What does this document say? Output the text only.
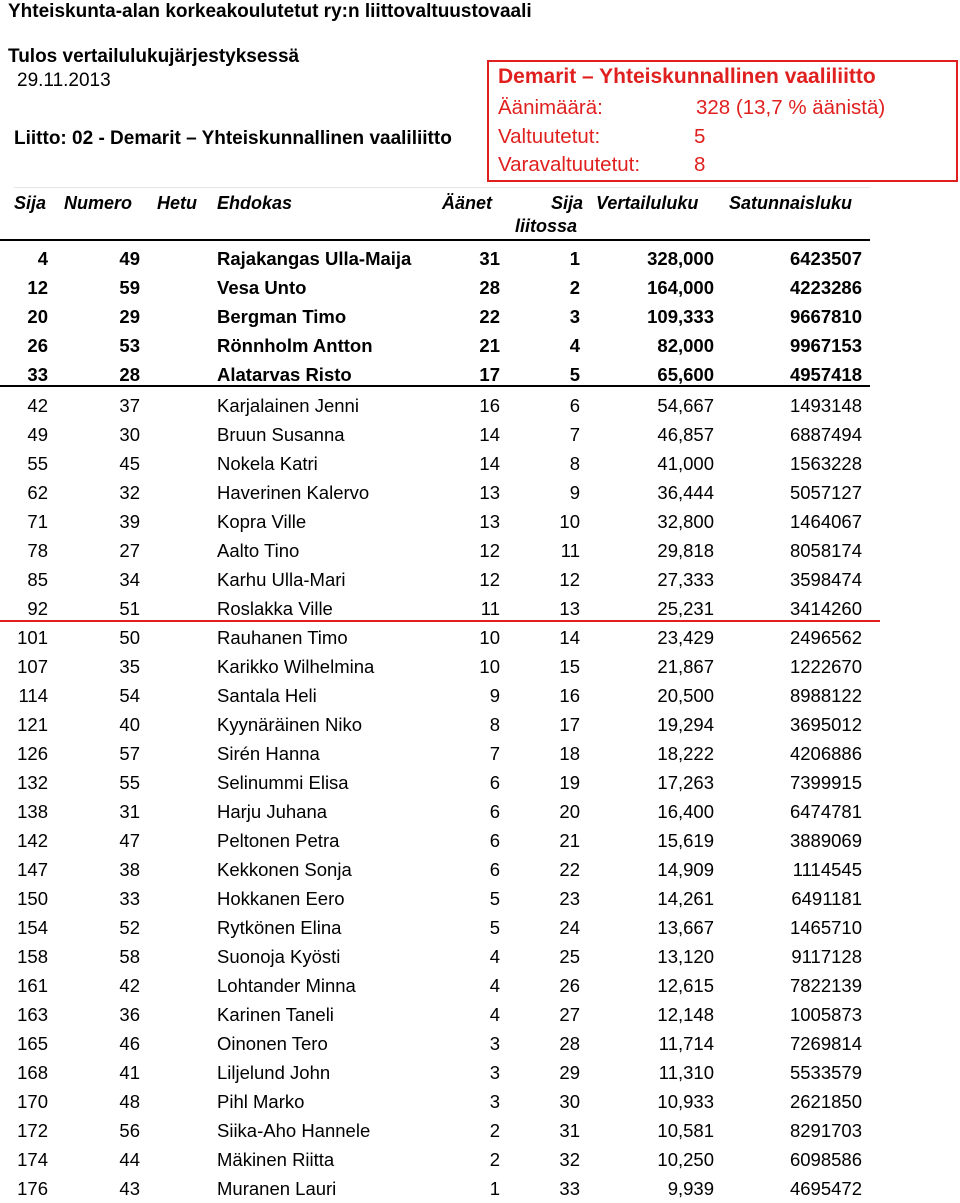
Yhteiskunta-alan korkeakoulutetut ry:n liittovaltuustovaali
Tulos vertailulukujärjestyksessä
29.11.2013
Liitto: 02 - Demarit – Yhteiskunnallinen vaaliliitto
Demarit – Yhteiskunnallinen vaaliliitto
Äänimäärä:	328 (13,7 % äänistä)
Valtuutetut:	5
Varavaltuutetut:	8
Sija Numero Hetu Ehdokas	Äänet	Sija
liitossa
Vertailuluku Satunnaisluku
4	49	Rajakangas Ulla-Maija	31	1	328,000	6423507
12	59	Vesa Unto	28	2	164,000	4223286
20	29	Bergman Timo	22	3	109,333	9667810
26	53	Rönnholm Antton	21	4	82,000	9967153
33	28	Alatarvas Risto	17	5	65,600	4957418
42	37	Karjalainen Jenni	16	6	54,667	1493148
49	30	Bruun Susanna	14	7	46,857	6887494
55	45	Nokela Katri	14	8	41,000	1563228
62	32	Haverinen Kalervo	13	9	36,444	5057127
71	39	Kopra Ville	13	10	32,800	1464067
78	27	Aalto Tino	12	11	29,818	8058174
85	34	Karhu Ulla-Mari	12	12	27,333	3598474
92	51	Roslakka Ville	11	13	25,231	3414260
101	50	Rauhanen Timo	10	14	23,429	2496562
107	35	Karikko Wilhelmina	10	15	21,867	1222670
114	54	Santala Heli	9	16	20,500	8988122
121	40	Kyynäräinen Niko	8	17	19,294	3695012
126	57	Sirén Hanna	7	18	18,222	4206886
132	55	Selinummi Elisa	6	19	17,263	7399915
138	31	Harju Juhana	6	20	16,400	6474781
142	47	Peltonen Petra	6	21	15,619	3889069
147	38	Kekkonen Sonja	6	22	14,909	1114545
150	33	Hokkanen Eero	5	23	14,261	6491181
154	52	Rytkönen Elina	5	24	13,667	1465710
158	58	Suonoja Kyösti	4	25	13,120	9117128
161	42	Lohtander Minna	4	26	12,615	7822139
163	36	Karinen Taneli	4	27	12,148	1005873
165	46	Oinonen Tero	3	28	11,714	7269814
168	41	Liljelund John	3	29	11,310	5533579
170	48	Pihl Marko	3	30	10,933	2621850
172	56	Siika-Aho Hannele	2	31	10,581	8291703
174	44	Mäkinen Riitta	2	32	10,250	6098586
176	43	Muranen Lauri	1	33	9,939	4695472
